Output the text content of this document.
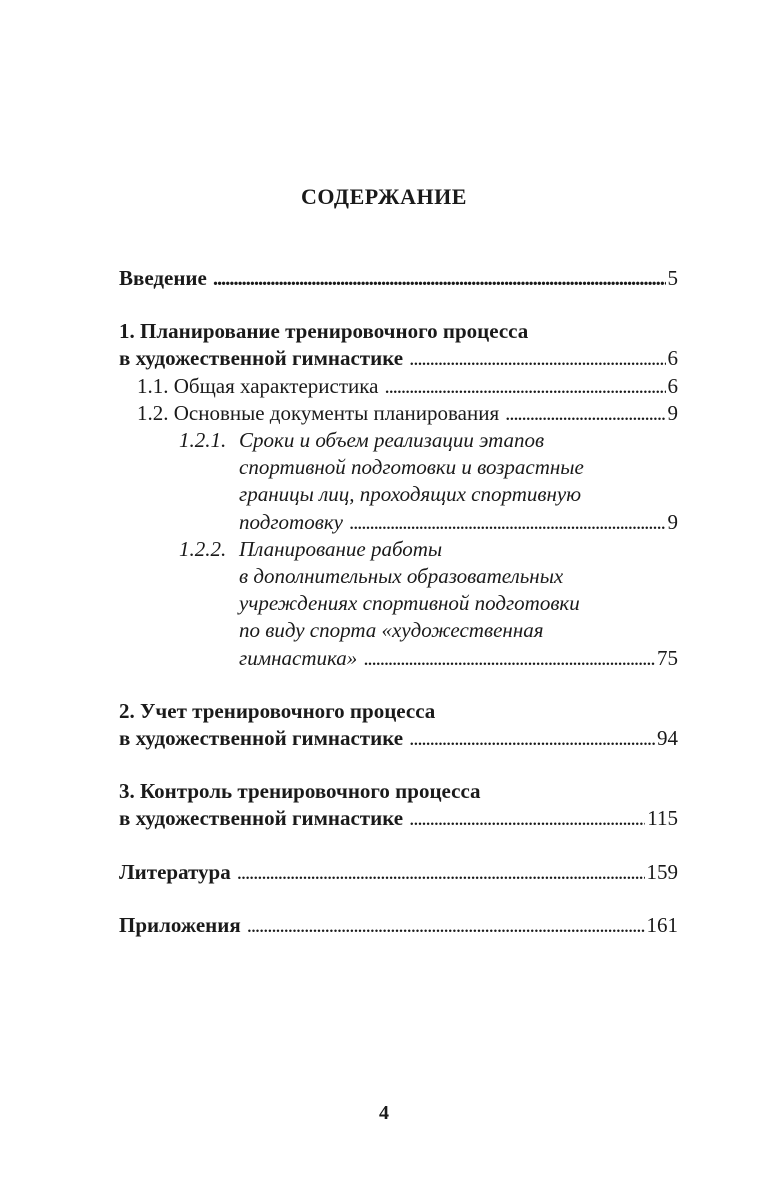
СОДЕРЖАНИЕ
Введение . . .	5
1. Планирование тренировочного процесса
в художественной гимнастике . . .	6
1.1. Общая характеристика . . .	6
1.2. Основные документы планирования . . .	9
1.2.1. Сроки и объем реализации этапов
спортивной подготовки и возрастные
границы лиц, проходящих спортивную
подготовку . . .	9
1.2.2. Планирование работы
в дополнительных образовательных
учреждениях спортивной подготовки
по виду спорта «художественная
гимнастика» . . .	75
2. Учет тренировочного процесса
в художественной гимнастике . . .	94
3. Контроль тренировочного процесса
в художественной гимнастике . . .	115
Литература . . .	159
Приложения . . .	161
4
